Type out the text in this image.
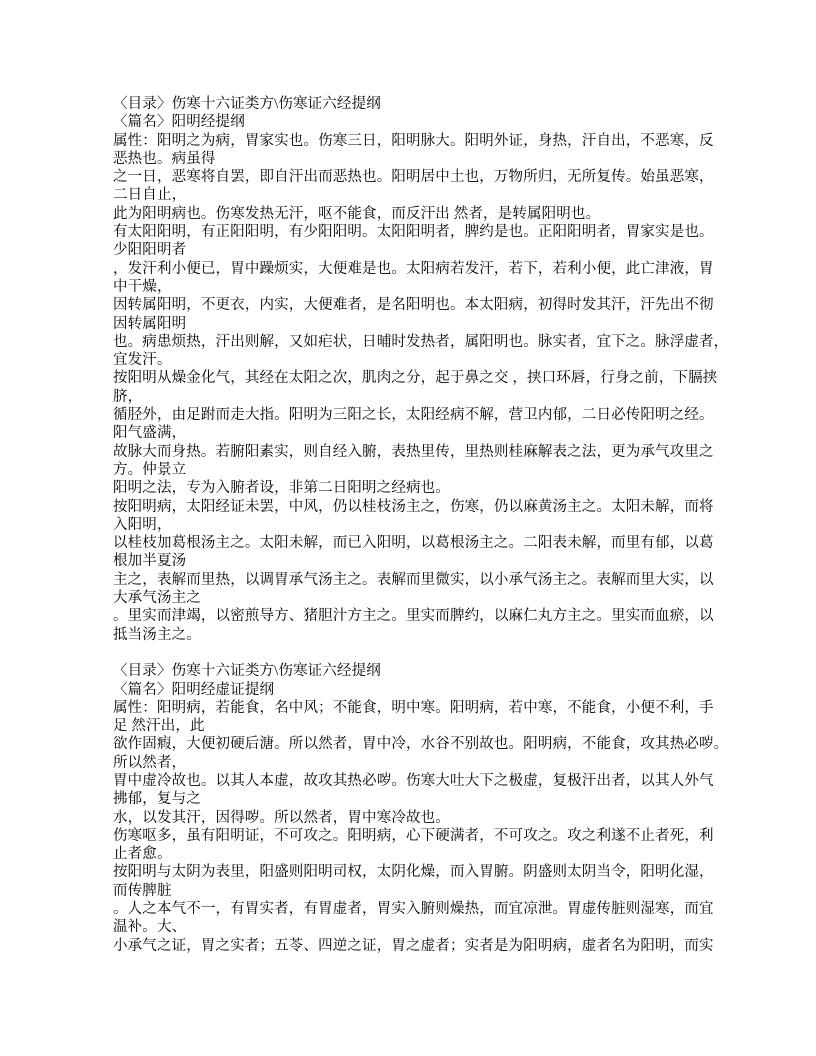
〈目录〉伤寒十六证类方\伤寒证六经提纲
〈篇名〉阳明经提纲
属性：阳明之为病，胃家实也。伤寒三日，阳明脉大。阳明外证，身热，汗自出，不恶寒，反
恶热也。病虽得
之一日，恶寒将自罢，即自汗出而恶热也。阳明居中土也，万物所归，无所复传。始虽恶寒，
二日自止，
此为阳明病也。伤寒发热无汗，呕不能食，而反汗出 然者，是转属阳明也。
有太阳阳明，有正阳阳明，有少阳阳明。太阳阳明者，脾约是也。正阳阳明者，胃家实是也。
少阳阳明者
，发汗利小便已，胃中躁烦实，大便难是也。太阳病若发汗，若下，若利小便，此亡津液，胃
中干燥，
因转属阳明，不更衣，内实，大便难者，是名阳明也。本太阳病，初得时发其汗，汗先出不彻
因转属阳明
也。病患烦热，汗出则解，又如疟状，日晡时发热者，属阳明也。脉实者，宜下之。脉浮虚者，
宜发汗。
按阳明从燥金化气，其经在太阳之次，肌肉之分，起于鼻之交 ，挟口环唇，行身之前，下膈挟
脐，
循胫外，由足跗而走大指。阳明为三阳之长，太阳经病不解，营卫内郁，二日必传阳明之经。
阳气盛满，
故脉大而身热。若腑阳素实，则自经入腑，表热里传，里热则桂麻解表之法，更为承气攻里之
方。仲景立
阳明之法，专为入腑者设，非第二日阳明之经病也。
按阳明病，太阳经证未罢，中风，仍以桂枝汤主之，伤寒，仍以麻黄汤主之。太阳未解，而将
入阳明，
以桂枝加葛根汤主之。太阳未解，而已入阳明，以葛根汤主之。二阳表未解，而里有郁，以葛
根加半夏汤
主之，表解而里热，以调胃承气汤主之。表解而里微实，以小承气汤主之。表解而里大实，以
大承气汤主之
。里实而津竭，以密煎导方、猪胆汁方主之。里实而脾约，以麻仁丸方主之。里实而血瘀，以
抵当汤主之。
〈目录〉伤寒十六证类方\伤寒证六经提纲
〈篇名〉阳明经虚证提纲
属性：阳明病，若能食，名中风；不能食，明中寒。阳明病，若中寒，不能食，小便不利，手
足 然汗出，此
欲作固瘕，大便初硬后溏。所以然者，胃中冷，水谷不别故也。阳明病，不能食，攻其热必哕。
所以然者，
胃中虚冷故也。以其人本虚，故攻其热必哕。伤寒大吐大下之极虚，复极汗出者，以其人外气
拂郁，复与之
水，以发其汗，因得哕。所以然者，胃中寒冷故也。
伤寒呕多，虽有阳明证，不可攻之。阳明病，心下硬满者，不可攻之。攻之利遂不止者死，利
止者愈。
按阳明与太阴为表里，阳盛则阳明司权，太阴化燥，而入胃腑。阴盛则太阴当令，阳明化湿，
而传脾脏
。人之本气不一，有胃实者，有胃虚者，胃实入腑则燥热，而宜凉泄。胃虚传脏则湿寒，而宜
温补。大、
小承气之证，胃之实者；五苓、四逆之证，胃之虚者；实者是为阳明病，虚者名为阳明，而实
